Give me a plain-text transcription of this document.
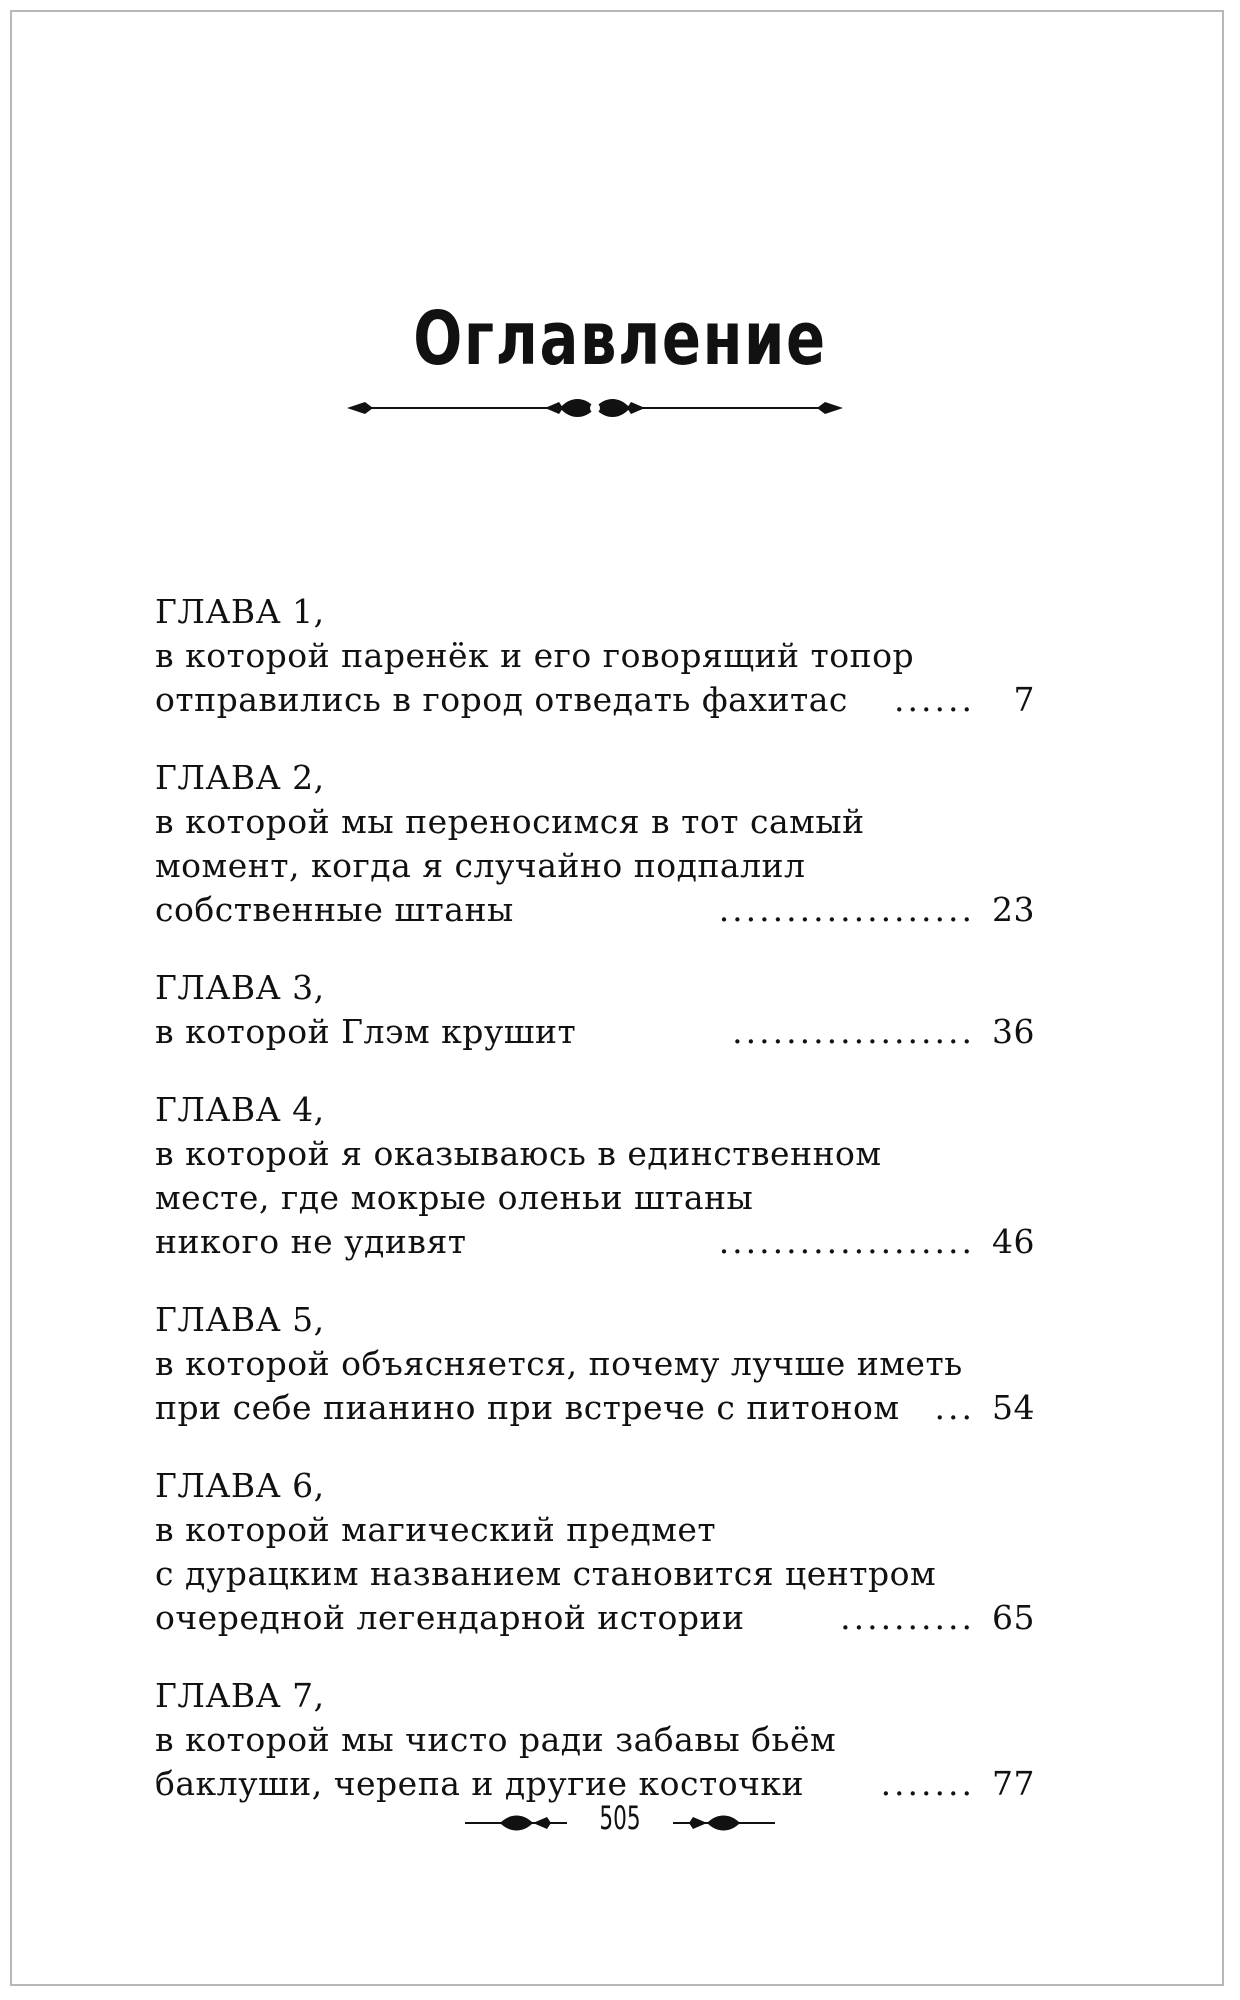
Оглавление
ГЛАВА 1,
в которой паренёк и его говорящий топор
отправились в город отведать фахитас	......	7
ГЛАВА 2,
в которой мы переносимся в тот самый
момент, когда я случайно подпалил
собственные штаны	................... 23
ГЛАВА 3,
в которой Глэм крушит	.................. 36
ГЛАВА 4,
в которой я оказываюсь в единственном
месте, где мокрые оленьи штаны
никого не удивят	................... 46
ГЛАВА 5,
в которой объясняется, почему лучше иметь
при себе пианино при встрече с питоном	... 54
ГЛАВА 6,
в которой магический предмет
с дурацким названием становится центром
очередной легендарной истории	.......... 65
ГЛАВА 7,
в которой мы чисто ради забавы бьём
баклуши, черепа и другие косточки	....... 77
505
